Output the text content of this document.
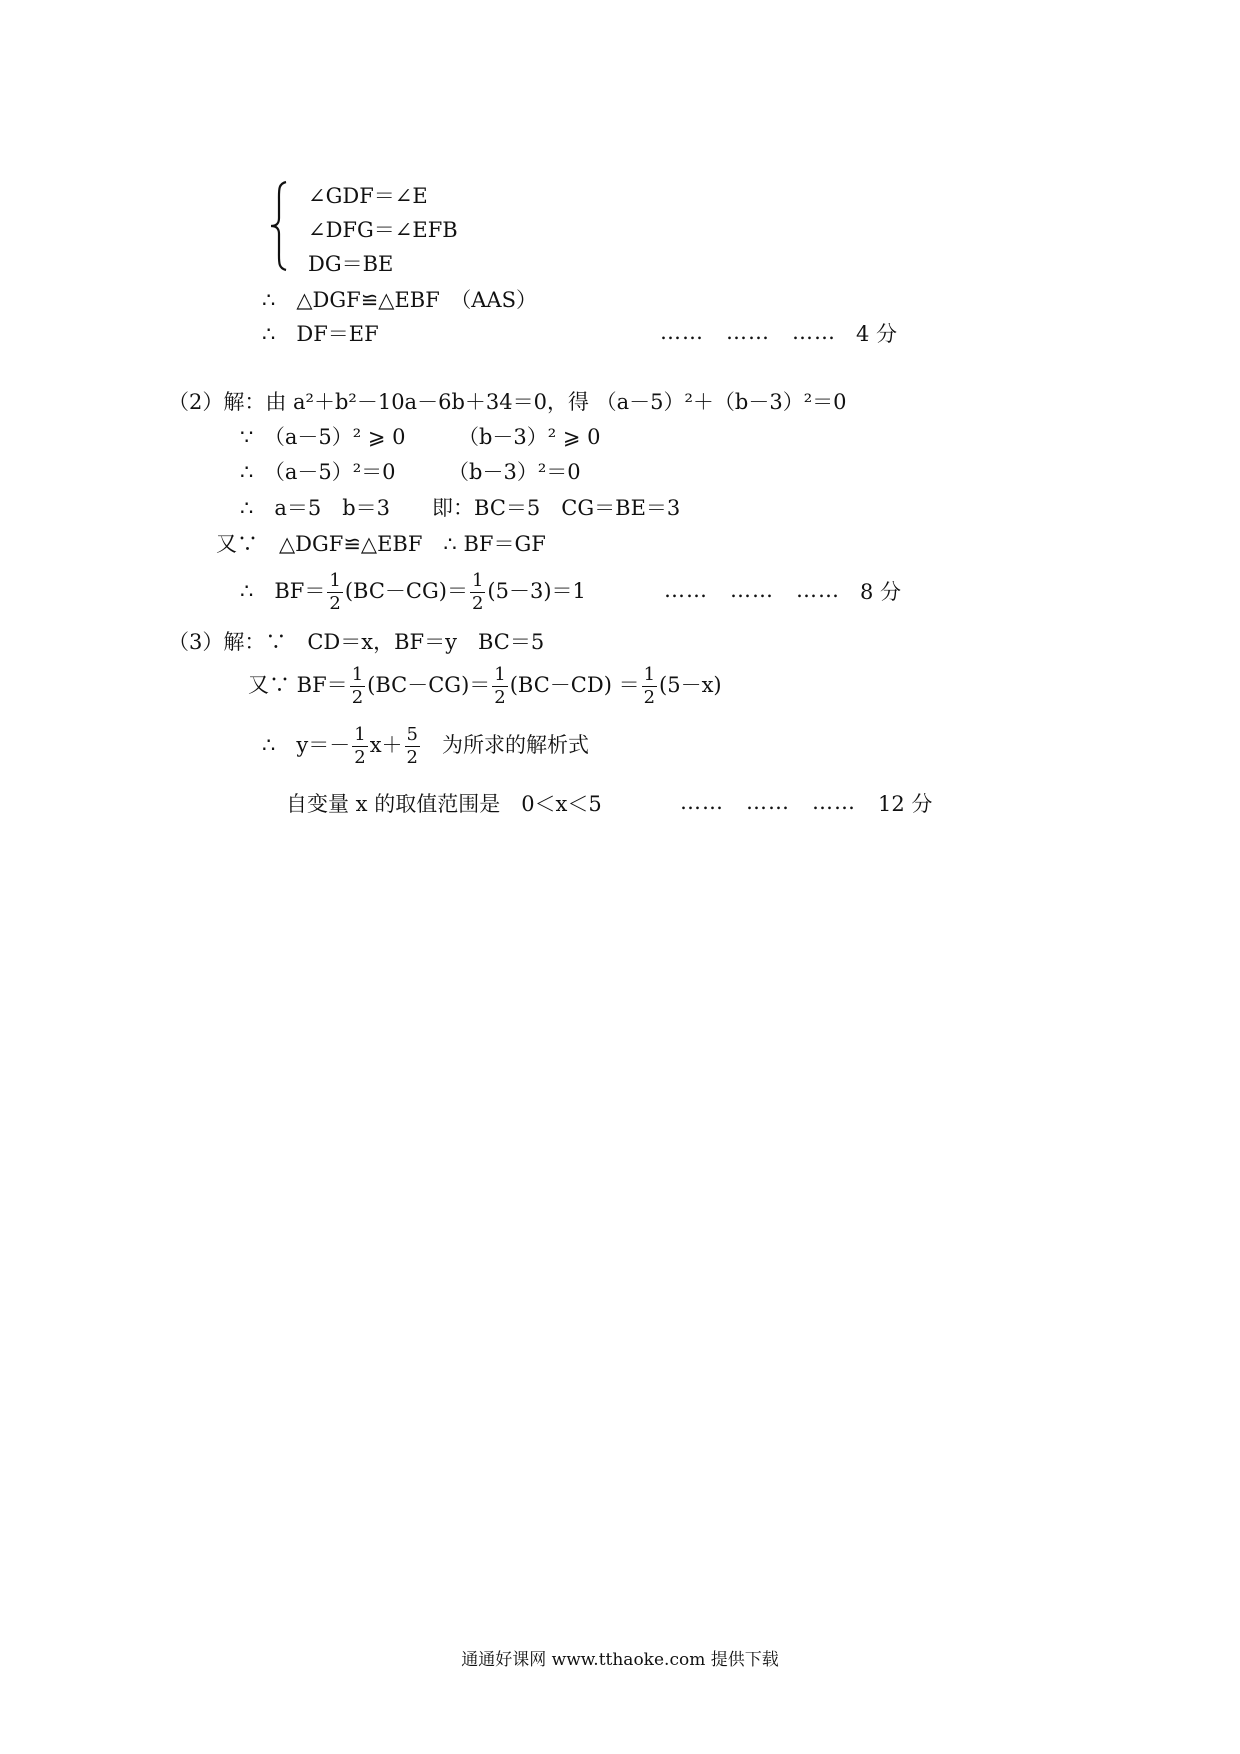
∠GDF＝∠E
∠DFG＝∠EFB
DG＝BE
∴　△DGF≌△EBF　（AAS）
∴　DF＝EF	……　……　…… 4 分
（2）解：由 a²＋b²－10a－6b＋34＝0，得 （a－5）²＋（b－3）²＝0
∵　（a－5）² ⩾ 0　　　（b－3）² ⩾ 0
∴　（a－5）²＝0　　　（b－3）²＝0
∴　a＝5　b＝3　　即：BC＝5　CG＝BE＝3
又∵　△DGF≌△EBF　∴ BF＝GF
∴　$BF= \frac{1}{2} (BC-CG)= \frac{1}{2} (5-3)=1$	……　……　…… 8 分
（3）解：∵　CD＝x，BF＝y　BC＝5
又∵ $BF= \frac{1}{2} (BC-CG)= \frac{1}{2} (BC-CD) = \frac{1}{2} (5-x)$
∴　$y=- \frac{1}{2} x+ \frac{5}{2}$ 为所求的解析式
自变量 x 的取值范围是　0＜x＜5	……　……　…… 12 分
通通好课网 www.tthaoke.com 提供下载
